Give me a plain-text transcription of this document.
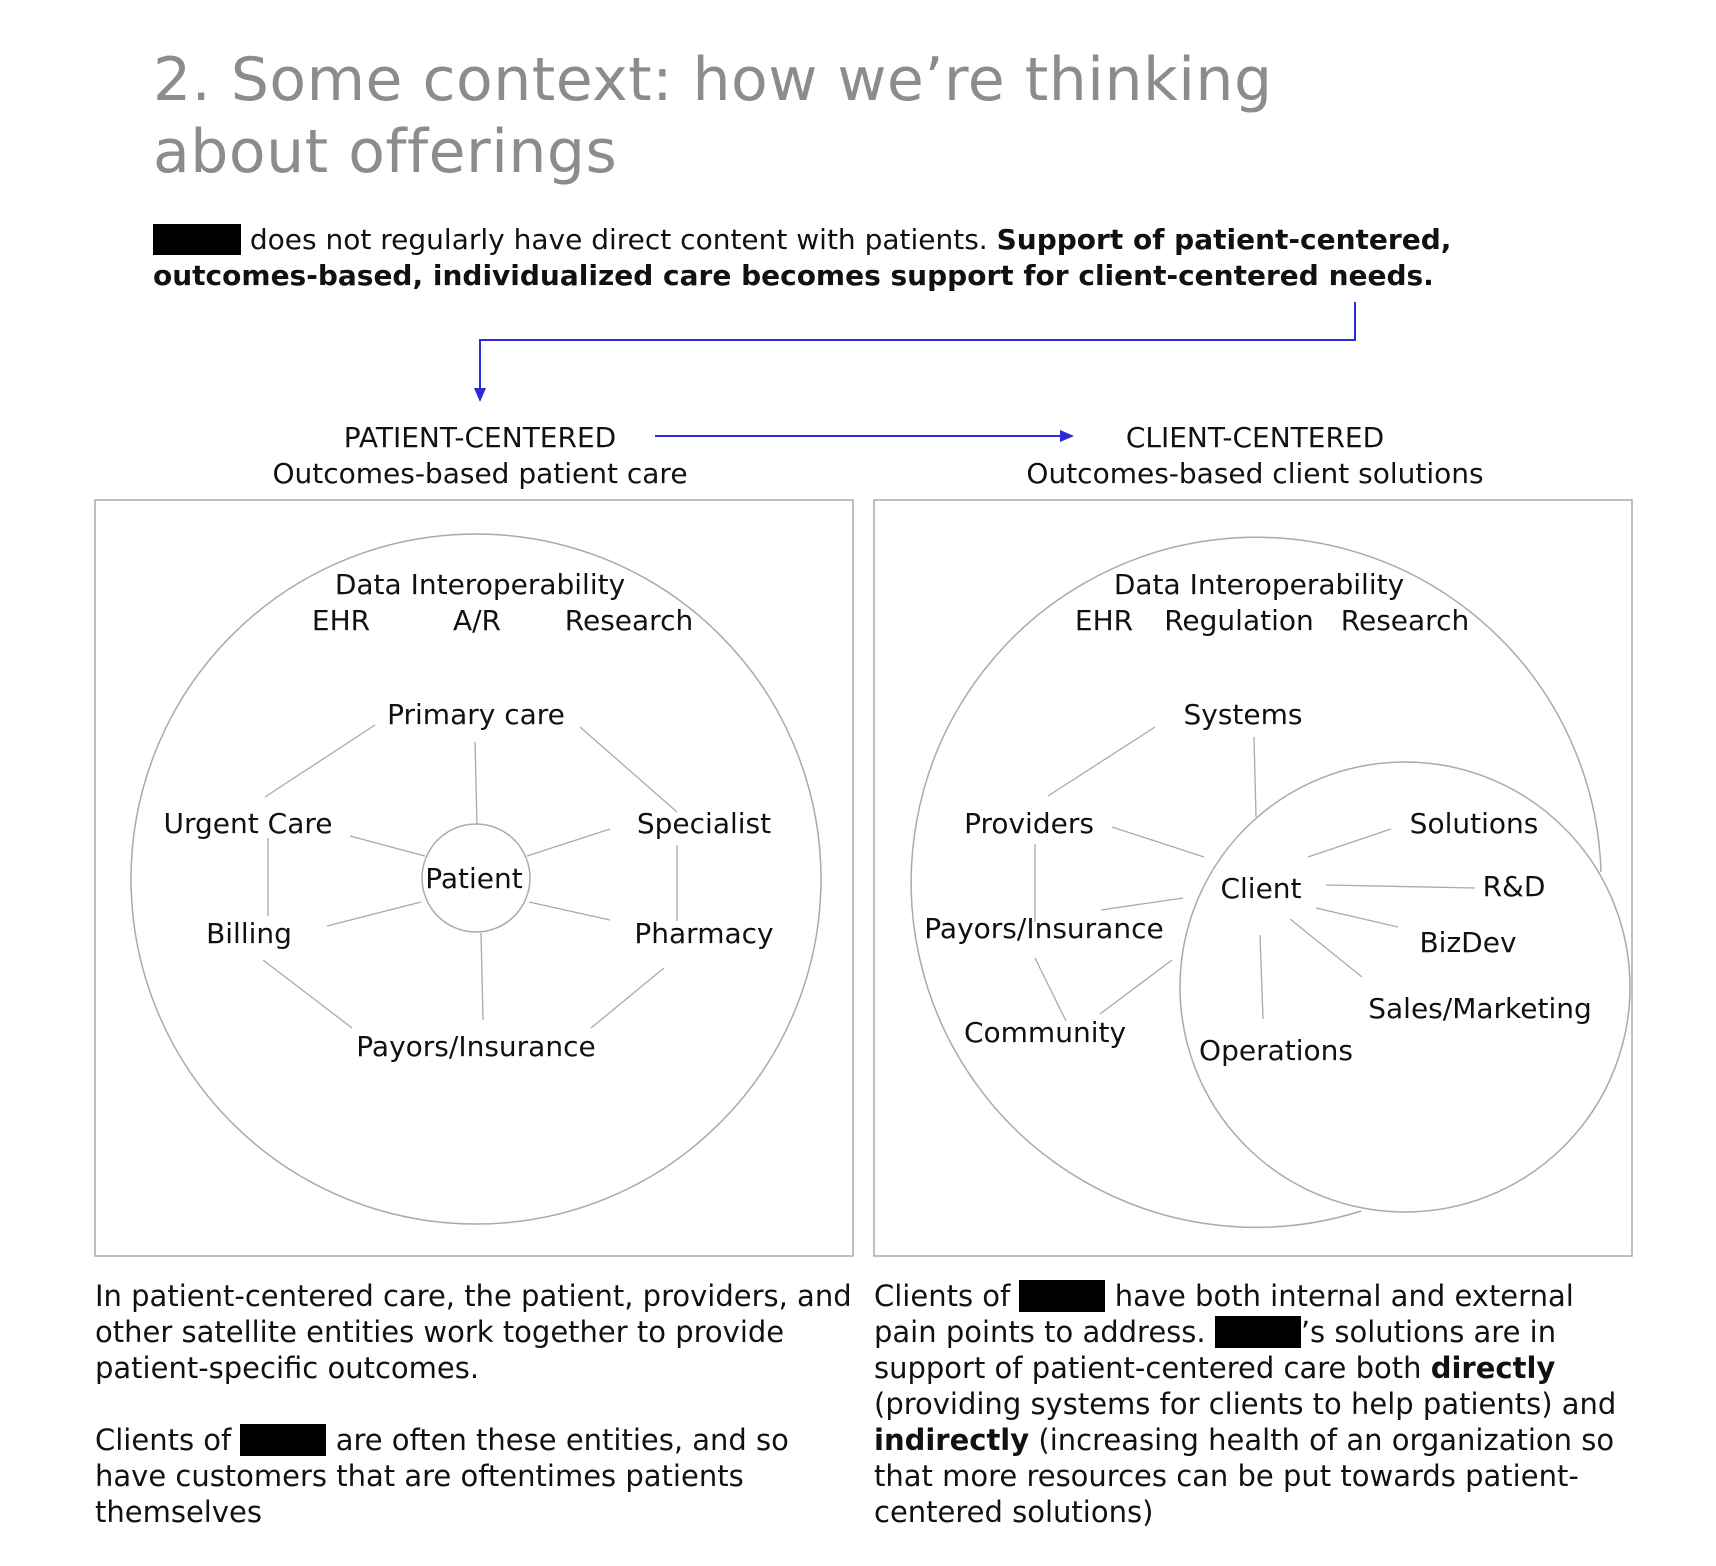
2. Some context: how we’re thinking about offerings
does not regularly have direct content with patients. Support of patient-centered, outcomes-based, individualized care becomes support for client-centered needs.
PATIENT-CENTERED
Outcomes-based patient care
CLIENT-CENTERED
Outcomes-based client solutions
Data Interoperability
EHR	A/R Research
Primary care
Urgent Care	Specialist
Patient
Billing	Pharmacy
Payors/Insurance
Data Interoperability
EHR Regulation Research
Systems
Providers
Payors/Insurance
Community
Client
Solutions
R&D
BizDev
Sales/Marketing
Operations

In patient-centered care, the patient, providers, and other satellite entities work together to provide patient-specific outcomes.

Clients of	are often these entities, and so have customers that are oftentimes patients themselves

Clients of	have both internal and external pain points to address.	’s solutions are in support of patient-centered care both directly (providing systems for clients to help patients) and indirectly (increasing health of an organization so that more resources can be put towards patient-centered solutions)
